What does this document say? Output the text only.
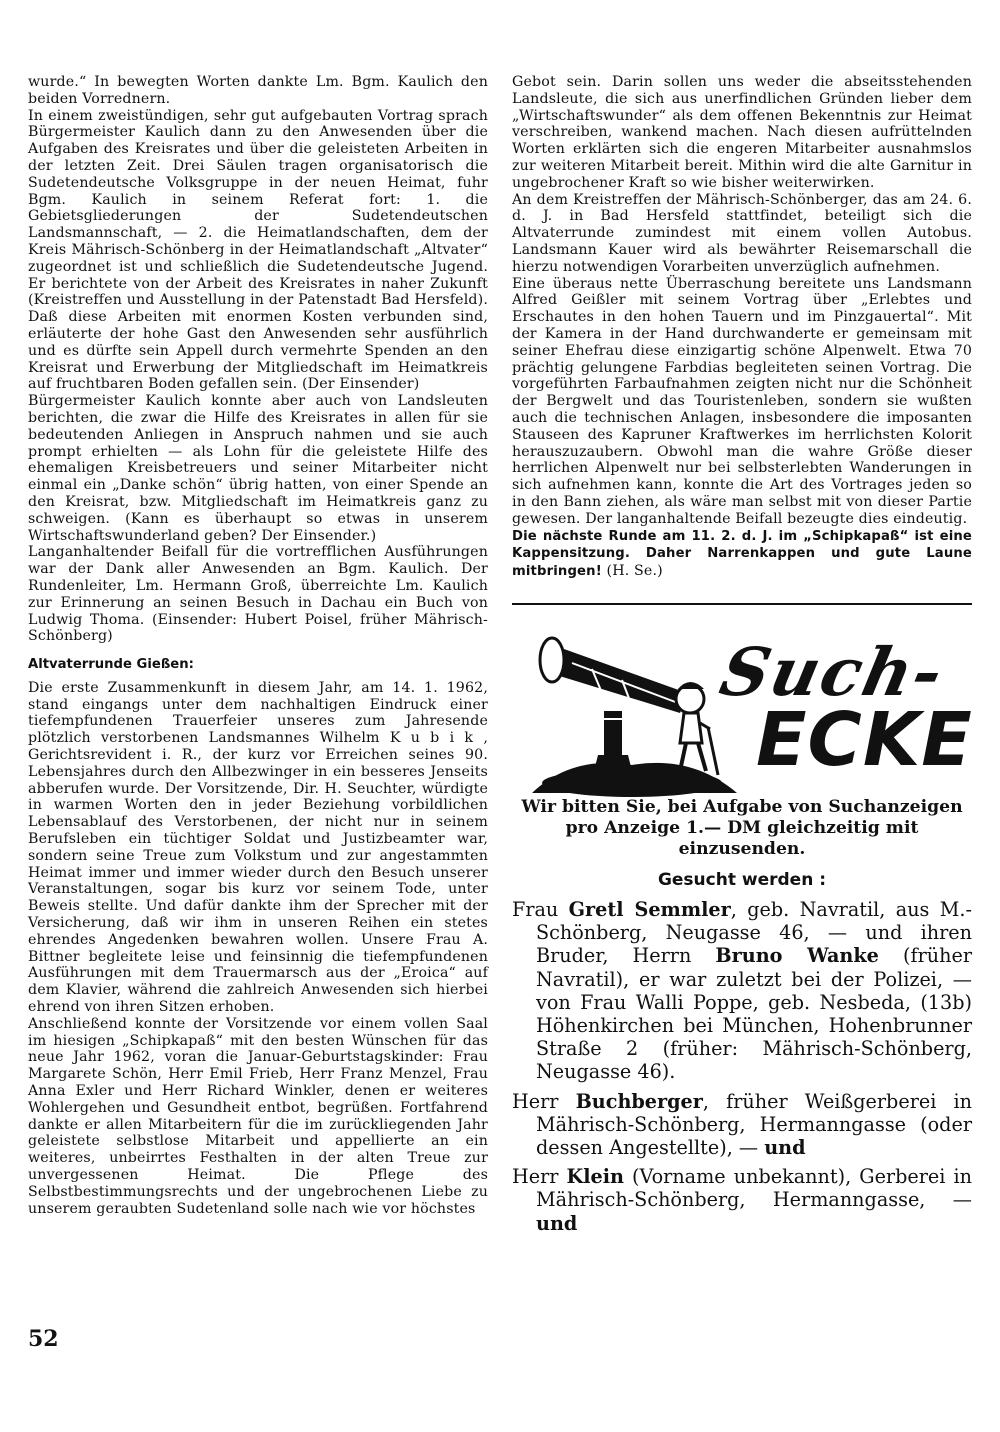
wurde.“ In bewegten Worten dankte Lm. Bgm. Kaulich den beiden Vorrednern.

In einem zweistündigen, sehr gut aufgebauten Vortrag sprach Bürgermeister Kaulich dann zu den Anwesenden über die Aufgaben des Kreisrates und über die geleisteten Arbeiten in der letzten Zeit. Drei Säulen tragen organisatorisch die Sudetendeutsche Volksgruppe in der neuen Heimat, fuhr Bgm. Kaulich in seinem Referat fort: 1. die Gebietsgliederungen der Sudetendeutschen Landsmannschaft, — 2. die Heimatlandschaften, dem der Kreis Mährisch-Schönberg in der Heimatlandschaft „Altvater“ zugeordnet ist und schließlich die Sudetendeutsche Jugend. Er berichtete von der Arbeit des Kreisrates in naher Zukunft (Kreistreffen und Ausstellung in der Patenstadt Bad Hersfeld). Daß diese Arbeiten mit enormen Kosten verbunden sind, erläuterte der hohe Gast den Anwesenden sehr ausführlich und es dürfte sein Appell durch vermehrte Spenden an den Kreisrat und Erwerbung der Mitgliedschaft im Heimatkreis auf fruchtbaren Boden gefallen sein. (Der Einsender)

Bürgermeister Kaulich konnte aber auch von Landsleuten berichten, die zwar die Hilfe des Kreisrates in allen für sie bedeutenden Anliegen in Anspruch nahmen und sie auch prompt erhielten — als Lohn für die geleistete Hilfe des ehemaligen Kreisbetreuers und seiner Mitarbeiter nicht einmal ein „Danke schön“ übrig hatten, von einer Spende an den Kreisrat, bzw. Mitgliedschaft im Heimatkreis ganz zu schweigen. (Kann es überhaupt so etwas in unserem Wirtschaftswunderland geben? Der Einsender.)

Langanhaltender Beifall für die vortrefflichen Ausführungen war der Dank aller Anwesenden an Bgm. Kaulich. Der Rundenleiter, Lm. Hermann Groß, überreichte Lm. Kaulich zur Erinnerung an seinen Besuch in Dachau ein Buch von Ludwig Thoma. (Einsender: Hubert Poisel, früher Mährisch-Schönberg)

Altvaterrunde Gießen:

Die erste Zusammenkunft in diesem Jahr, am 14. 1. 1962, stand eingangs unter dem nachhaltigen Eindruck einer tiefempfundenen Trauerfeier unseres zum Jahresende plötzlich verstorbenen Landsmannes Wilhelm K u b i k , Gerichtsrevident i. R., der kurz vor Erreichen seines 90. Lebensjahres durch den Allbezwinger in ein besseres Jenseits abberufen wurde. Der Vorsitzende, Dir. H. Seuchter, würdigte in warmen Worten den in jeder Beziehung vorbildlichen Lebensablauf des Verstorbenen, der nicht nur in seinem Berufsleben ein tüchtiger Soldat und Justizbeamter war, sondern seine Treue zum Volkstum und zur angestammten Heimat immer und immer wieder durch den Besuch unserer Veranstaltungen, sogar bis kurz vor seinem Tode, unter Beweis stellte. Und dafür dankte ihm der Sprecher mit der Versicherung, daß wir ihm in unseren Reihen ein stetes ehrendes Angedenken bewahren wollen. Unsere Frau A. Bittner begleitete leise und feinsinnig die tiefempfundenen Ausführungen mit dem Trauermarsch aus der „Eroica“ auf dem Klavier, während die zahlreich Anwesenden sich hierbei ehrend von ihren Sitzen erhoben.

Anschließend konnte der Vorsitzende vor einem vollen Saal im hiesigen „Schipkapaß“ mit den besten Wünschen für das neue Jahr 1962, voran die Januar-Geburtstagskinder: Frau Margarete Schön, Herr Emil Frieb, Herr Franz Menzel, Frau Anna Exler und Herr Richard Winkler, denen er weiteres Wohlergehen und Gesundheit entbot, begrüßen. Fortfahrend dankte er allen Mitarbeitern für die im zurückliegenden Jahr geleistete selbstlose Mitarbeit und appellierte an ein weiteres, unbeirrtes Festhalten in der alten Treue zur unvergessenen Heimat. Die Pflege des Selbstbestimmungsrechts und der ungebrochenen Liebe zu unserem geraubten Sudetenland solle nach wie vor höchstes

Gebot sein. Darin sollen uns weder die abseitsstehenden Landsleute, die sich aus unerfindlichen Gründen lieber dem „Wirtschaftswunder“ als dem offenen Bekenntnis zur Heimat verschreiben, wankend machen. Nach diesen aufrüttelnden Worten erklärten sich die engeren Mitarbeiter ausnahmslos zur weiteren Mitarbeit bereit. Mithin wird die alte Garnitur in ungebrochener Kraft so wie bisher weiterwirken.

An dem Kreistreffen der Mährisch-Schönberger, das am 24. 6. d. J. in Bad Hersfeld stattfindet, beteiligt sich die Altvaterrunde zumindest mit einem vollen Autobus. Landsmann Kauer wird als bewährter Reisemarschall die hierzu notwendigen Vorarbeiten unverzüglich aufnehmen.

Eine überaus nette Überraschung bereitete uns Landsmann Alfred Geißler mit seinem Vortrag über „Erlebtes und Erschautes in den hohen Tauern und im Pinzgauertal“. Mit der Kamera in der Hand durchwanderte er gemeinsam mit seiner Ehefrau diese einzigartig schöne Alpenwelt. Etwa 70 prächtig gelungene Farbdias begleiteten seinen Vortrag. Die vorgeführten Farbaufnahmen zeigten nicht nur die Schönheit der Bergwelt und das Touristenleben, sondern sie wußten auch die technischen Anlagen, insbesondere die imposanten Stauseen des Kapruner Kraftwerkes im herrlichsten Kolorit herauszuzaubern. Obwohl man die wahre Größe dieser herrlichen Alpenwelt nur bei selbsterlebten Wanderungen in sich aufnehmen kann, konnte die Art des Vortrages jeden so in den Bann ziehen, als wäre man selbst mit von dieser Partie gewesen. Der langanhaltende Beifall bezeugte dies eindeutig.

Die nächste Runde am 11. 2. d. J. im „Schipkapaß“ ist eine Kappensitzung. Daher Narrenkappen und gute Laune mitbringen! (H. Se.)

Such-
ECKE

Wir bitten Sie, bei Aufgabe von Suchanzeigen pro Anzeige 1.— DM gleichzeitig mit einzusenden.

Gesucht werden :

Frau Gretl Semmler, geb. Navratil, aus M.-Schönberg, Neugasse 46, — und ihren Bruder, Herrn Bruno Wanke (früher Navratil), er war zuletzt bei der Polizei, — von Frau Walli Poppe, geb. Nesbeda, (13b) Höhenkirchen bei München, Hohenbrunner Straße 2 (früher: Mährisch-Schönberg, Neugasse 46).

Herr Buchberger, früher Weißgerberei in Mährisch-Schönberg, Hermanngasse (oder dessen Angestellte), — und

Herr Klein (Vorname unbekannt), Gerberei in Mährisch-Schönberg, Hermanngasse, — und

52
